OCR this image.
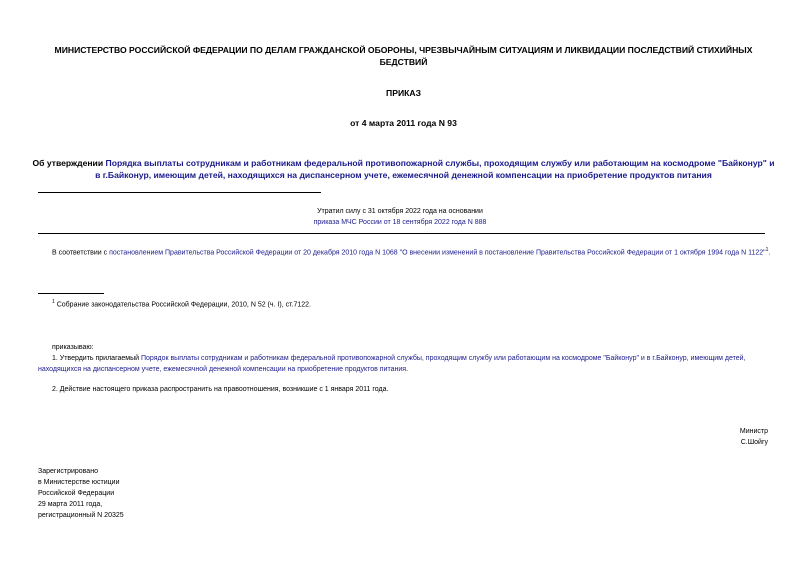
МИНИСТЕРСТВО РОССИЙСКОЙ ФЕДЕРАЦИИ ПО ДЕЛАМ ГРАЖДАНСКОЙ ОБОРОНЫ, ЧРЕЗВЫЧАЙНЫМ СИТУАЦИЯМ И ЛИКВИДАЦИИ ПОСЛЕДСТВИЙ СТИХИЙНЫХ БЕДСТВИЙ
ПРИКАЗ
от 4 марта 2011 года N 93
Об утверждении Порядка выплаты сотрудникам и работникам федеральной противопожарной службы, проходящим службу или работающим на космодроме "Байконур" и в г.Байконур, имеющим детей, находящихся на диспансерном учете, ежемесячной денежной компенсации на приобретение продуктов питания
Утратил силу с 31 октября 2022 года на основании
приказа МЧС России от 18 сентября 2022 года N 888
В соответствии с постановлением Правительства Российской Федерации от 20 декабря 2010 года N 1068 "О внесении изменений в постановление Правительства Российской Федерации от 1 октября 1994 года N 1122"$^1$.
$^1$ Собрание законодательства Российской Федерации, 2010, N 52 (ч. I), ст.7122.
приказываю:
1. Утвердить прилагаемый Порядок выплаты сотрудникам и работникам федеральной противопожарной службы, проходящим службу или работающим на космодроме "Байконур" и в г.Байконур, имеющим детей, находящихся на диспансерном учете, ежемесячной денежной компенсации на приобретение продуктов питания.
2. Действие настоящего приказа распространить на правоотношения, возникшие с 1 января 2011 года.
Министр
С.Шойгу
Зарегистрировано
в Министерстве юстиции
Российской Федерации
29 марта 2011 года,
регистрационный N 20325
